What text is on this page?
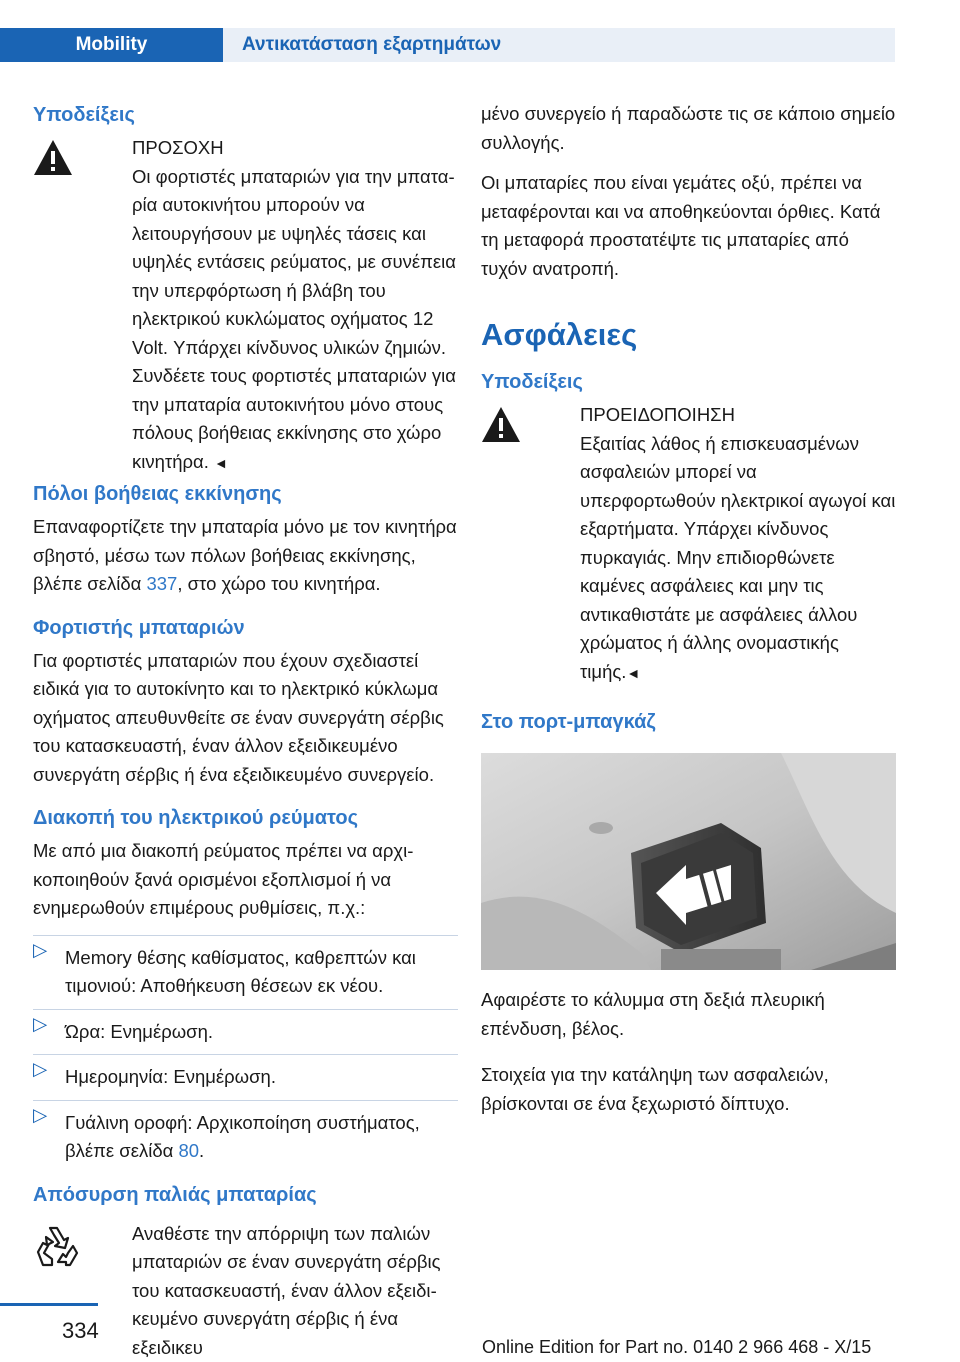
Mobility	Αντικατάσταση εξαρτημάτων
Υποδείξεις
ΠΡΟΣΟΧΗ
Οι φορτιστές μπαταριών για την μπαταρία αυτοκινήτου μπορούν να λειτουργήσουν με υψηλές τάσεις και υψηλές εντάσεις ρεύματος, με συνέπεια την υπερφόρτωση ή βλάβη του ηλεκτρικού κυκλώματος οχήματος 12 Volt. Υπάρχει κίνδυνος υλικών ζημιών. Συνδέετε τους φορτιστές μπαταριών για την μπαταρία αυτοκινήτου μόνο στους πόλους βοήθειας εκκίνησης στο χώρο κινητήρα. ◄

Πόλοι βοήθειας εκκίνησης

Επαναφορτίζετε την μπαταρία μόνο με τον κινητήρα σβηστό, μέσω των πόλων βοήθειας εκκίνησης, βλέπε σελίδα 337, στο χώρο του κινητήρα.

Φορτιστής μπαταριών

Για φορτιστές μπαταριών που έχουν σχεδιαστεί ειδικά για το αυτοκίνητο και το ηλεκτρικό κύκλωμα οχήματος απευθυνθείτε σε έναν συνεργάτη σέρβις του κατασκευαστή, έναν άλλον εξειδικευμένο συνεργάτη σέρβις ή ένα εξειδικευμένο συνεργείο.

Διακοπή του ηλεκτρικού ρεύματος

Με από μια διακοπή ρεύματος πρέπει να αρχικοποιηθούν ξανά ορισμένοι εξοπλισμοί ή να ενημερωθούν επιμέρους ρυθμίσεις, π.χ.:

▷ Memory θέσης καθίσματος, καθρεπτών και τιμονιού: Αποθήκευση θέσεων εκ νέου.
▷ Ώρα: Ενημέρωση.
▷ Ημερομηνία: Ενημέρωση.
▷ Γυάλινη οροφή: Αρχικοποίηση συστήματος, βλέπε σελίδα 80.
Απόσυρση παλιάς μπαταρίας
Αναθέστε την απόρριψη των παλιών μπαταριών σε έναν συνεργάτη σέρβις του κατασκευαστή, έναν άλλον εξειδικευμένο συνεργάτη σέρβις ή ένα εξειδικευ

μένο συνεργείο ή παραδώστε τις σε κάποιο σημείο συλλογής.

Οι μπαταρίες που είναι γεμάτες οξύ, πρέπει να μεταφέρονται και να αποθηκεύονται όρθιες. Κατά τη μεταφορά προστατέψτε τις μπαταρίες από τυχόν ανατροπή.

Ασφάλειες
Υποδείξεις
ΠΡΟΕΙΔΟΠΟΙΗΣΗ
Εξαιτίας λάθος ή επισκευασμένων ασφαλειών μπορεί να υπερφορτωθούν ηλεκτρικοί αγωγοί και εξαρτήματα. Υπάρχει κίνδυνος πυρκαγιάς. Μην επιδιορθώνετε καμένες ασφάλειες και μην τις αντικαθιστάτε με ασφάλειες άλλου χρώματος ή άλλης ονομαστικής τιμής.◄
Στο πορτ-μπαγκάζ

Αφαιρέστε το κάλυμμα στη δεξιά πλευρική επένδυση, βέλος.

Στοιχεία για την κατάληψη των ασφαλειών, βρίσκονται σε ένα ξεχωριστό δίπτυχο.

334
Online Edition for Part no. 0140 2 966 468 - X/15
